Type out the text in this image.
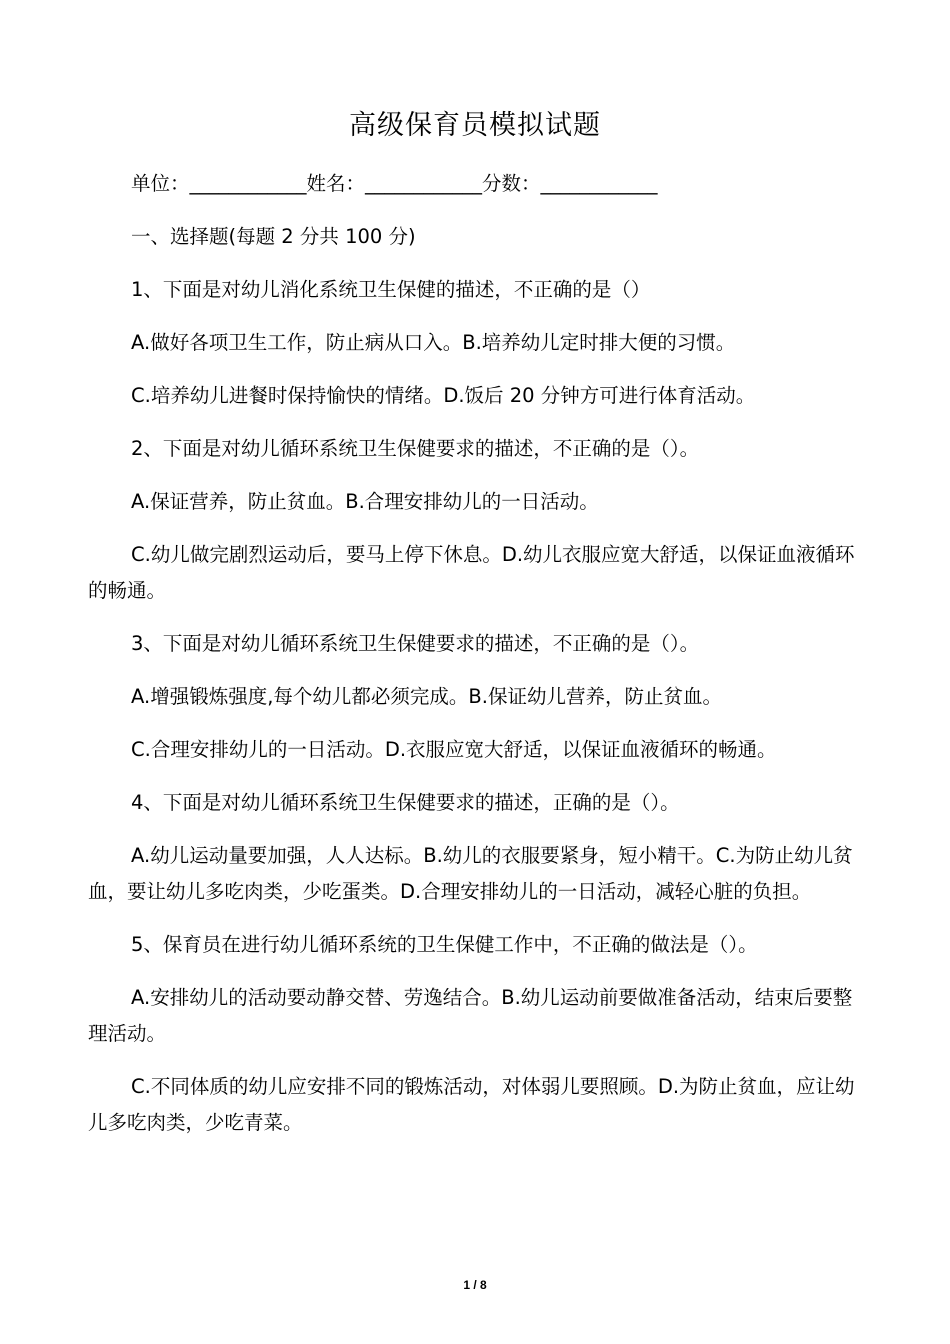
高级保育员模拟试题
单位：____________姓名：____________分数：____________
一、选择题(每题 2 分共 100 分)
1、下面是对幼儿消化系统卫生保健的描述，不正确的是（）
A.做好各项卫生工作，防止病从口入。B.培养幼儿定时排大便的习惯。
C.培养幼儿进餐时保持愉快的情绪。D.饭后 20 分钟方可进行体育活动。
2、下面是对幼儿循环系统卫生保健要求的描述，不正确的是（）。
A.保证营养，防止贫血。B.合理安排幼儿的一日活动。
C.幼儿做完剧烈运动后，要马上停下休息。D.幼儿衣服应宽大舒适，以保证血液循环的畅通。
3、下面是对幼儿循环系统卫生保健要求的描述，不正确的是（）。
A.增强锻炼强度,每个幼儿都必须完成。B.保证幼儿营养，防止贫血。
C.合理安排幼儿的一日活动。D.衣服应宽大舒适，以保证血液循环的畅通。
4、下面是对幼儿循环系统卫生保健要求的描述，正确的是（）。
A.幼儿运动量要加强，人人达标。B.幼儿的衣服要紧身，短小精干。C.为防止幼儿贫血，要让幼儿多吃肉类，少吃蛋类。D.合理安排幼儿的一日活动，减轻心脏的负担。
5、保育员在进行幼儿循环系统的卫生保健工作中，不正确的做法是（）。
A.安排幼儿的活动要动静交替、劳逸结合。B.幼儿运动前要做准备活动，结束后要整理活动。
C.不同体质的幼儿应安排不同的锻炼活动，对体弱儿要照顾。D.为防止贫血，应让幼儿多吃肉类，少吃青菜。
1 / 8
